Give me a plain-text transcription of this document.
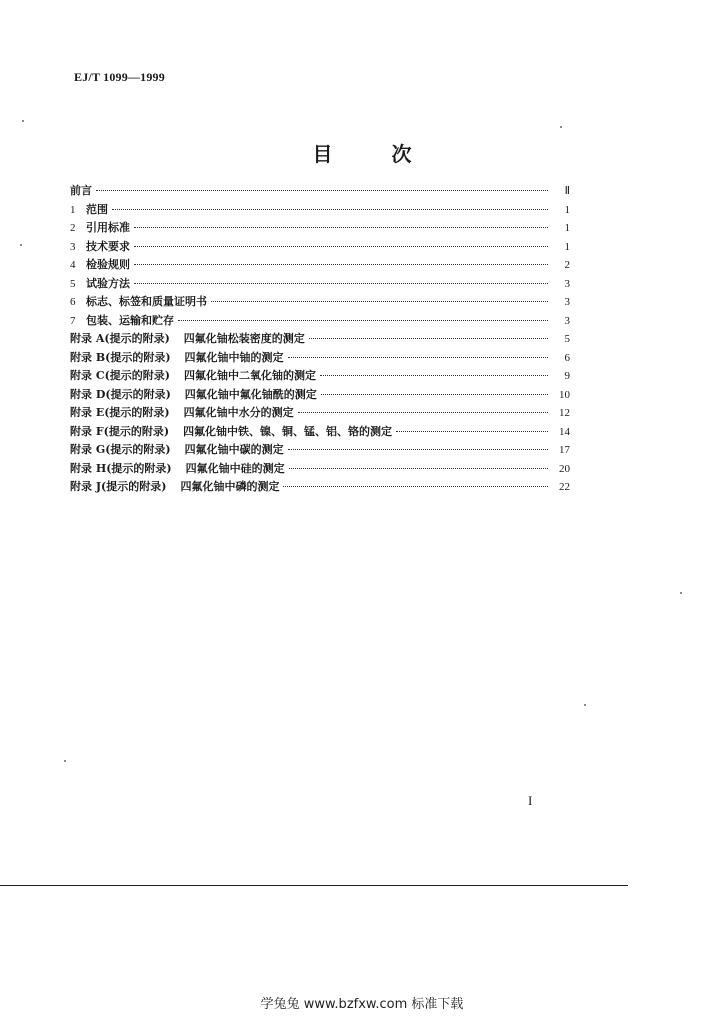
EJ/T 1099—1999
目 次
前言	Ⅱ
1 范围	1
2 引用标准	1
3 技术要求	1
4 检验规则	2
5 试验方法	3
6 标志、标签和质量证明书	3
7 包装、运输和贮存	3
附录 A(提示的附录) 四氟化铀松装密度的测定	5
附录 B(提示的附录) 四氟化铀中铀的测定	6
附录 C(提示的附录) 四氟化铀中二氧化铀的测定	9
附录 D(提示的附录) 四氟化铀中氟化铀酰的测定	10
附录 E(提示的附录) 四氟化铀中水分的测定	12
附录 F(提示的附录) 四氟化铀中铁、镍、铜、锰、铝、铬的测定	14
附录 G(提示的附录) 四氟化铀中碳的测定	17
附录 H(提示的附录) 四氟化铀中硅的测定	20
附录 J(提示的附录) 四氟化铀中磷的测定	22
I
学兔兔 www.bzfxw.com 标准下载
